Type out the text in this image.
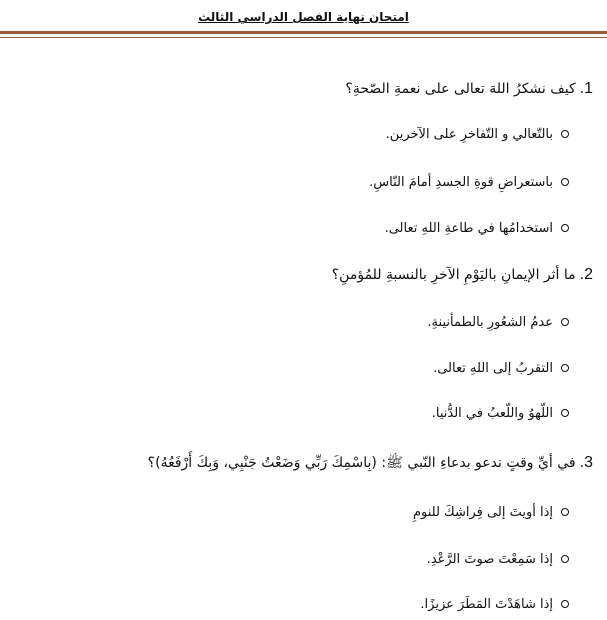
امتحان نهاية الفصل الدراسي الثالث
1.كيف نشكرُ اللهَ تعالى على نعمةِ الصّحةِ؟
بالتّعالي و التّفاخرِ على الآخرين.
باستعراضِ قوةِ الجسدِ أمامَ النّاسِ.
استخدامُها في طاعةِ اللهِ تعالى.
2.ما أثر الإيمانِ باليَوْمِ الآخرِ بالنسبةِ للمُؤمنِ؟
عدمُ الشعُورِ بالطمأنينةِ.
التقربُ إلى اللهِ تعالى.
اللّهوُ واللّعبُ في الدُّنيا.
3.في أيِّ وقتٍ ندعو بدعاءِ النّبي ﷺ: (بِاسْمِكَ رَبِّي وَضَعْتُ جَنْبِي، وَبِكَ أَرْفَعُهُ)؟
إذا أويتَ إلى فِراشِكَ للنومِ
إذا سَمِعْتَ صوتَ الرَّعْدِ.
إذا شاهَدْتَ المَطَرَ عزيزًا.
